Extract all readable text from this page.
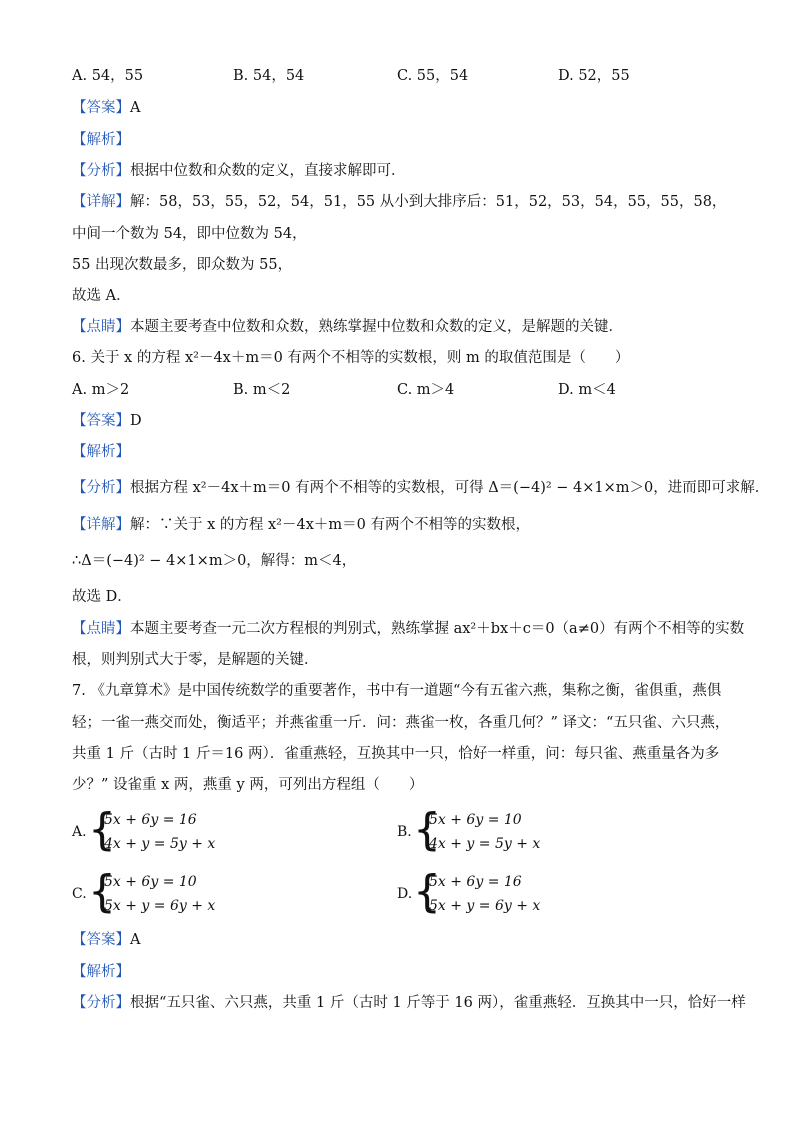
A. 54，55	B. 54，54	C. 55，54	D. 52，55
【答案】A
【解析】
【分析】根据中位数和众数的定义，直接求解即可．
【详解】解：58，53，55，52，54，51，55 从小到大排序后：51，52，53，54，55，55，58，
中间一个数为 54，即中位数为 54，
55 出现次数最多，即众数为 55，
故选 A．
【点睛】本题主要考查中位数和众数，熟练掌握中位数和众数的定义，是解题的关键．
6. 关于 x 的方程 x²－4x＋m＝0 有两个不相等的实数根，则 m 的取值范围是（　　）
A. m＞2	B. m＜2	C. m＞4	D. m＜4
【答案】D
【解析】
【分析】根据方程 x²－4x＋m＝0 有两个不相等的实数根，可得 Δ＝(−4)² − 4×1×m＞0，进而即可求解．
【详解】解：∵关于 x 的方程 x²－4x＋m＝0 有两个不相等的实数根，
∴Δ＝(−4)² − 4×1×m＞0，解得：m＜4，
故选 D．
【点睛】本题主要考查一元二次方程根的判别式，熟练掌握 ax²＋bx＋c＝0（a≠0）有两个不相等的实数
根，则判别式大于零，是解题的关键．
7. 《九章算术》是中国传统数学的重要著作，书中有一道题“今有五雀六燕，集称之衡，雀俱重，燕俱
轻；一雀一燕交而处，衡适平；并燕雀重一斤．问：燕雀一枚，各重几何？” 译文：“五只雀、六只燕，
共重 1 斤（古时 1 斤＝16 两）．雀重燕轻，互换其中一只，恰好一样重，问：每只雀、燕重量各为多
少？” 设雀重 x 两，燕重 y 两，可列出方程组（　　）
A. {
5x + 6y = 16
4x + y = 5y + x
B. {
5x + 6y = 10
4x + y = 5y + x
C. {
5x + 6y = 10
5x + y = 6y + x
D. {
5x + 6y = 16
5x + y = 6y + x
【答案】A
【解析】
【分析】根据“五只雀、六只燕，共重 1 斤（古时 1 斤等于 16 两），雀重燕轻．互换其中一只，恰好一样
